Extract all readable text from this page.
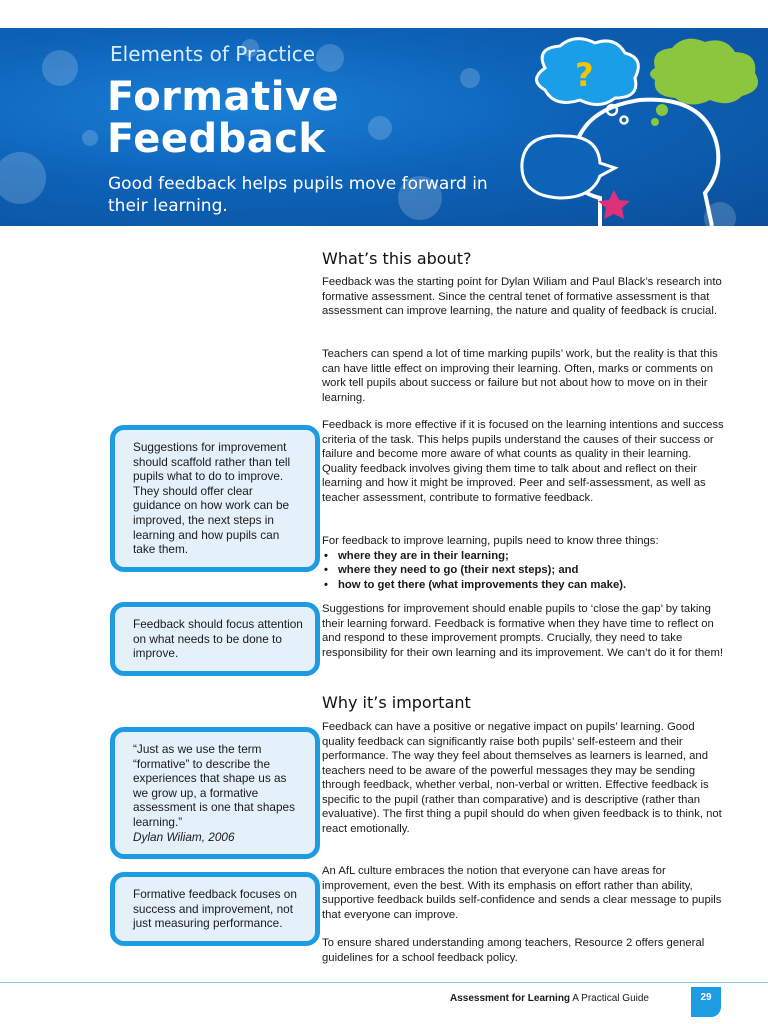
?
Elements of Practice
Formative
Feedback
Good feedback helps pupils move forward in their learning.
What’s this about?

Feedback was the starting point for Dylan Wiliam and Paul Black’s research into formative assessment. Since the central tenet of formative assessment is that assessment can improve learning, the nature and quality of feedback is crucial.

Teachers can spend a lot of time marking pupils’ work, but the reality is that this can have little effect on improving their learning. Often, marks or comments on work tell pupils about success or failure but not about how to move on in their learning.

Feedback is more effective if it is focused on the learning intentions and success criteria of the task. This helps pupils understand the causes of their success or failure and become more aware of what counts as quality in their learning. Quality feedback involves giving them time to talk about and reflect on their learning and how it might be improved. Peer and self-assessment, as well as teacher assessment, contribute to formative feedback.

For feedback to improve learning, pupils need to know three things:

• where they are in their learning;
• where they need to go (their next steps); and
• how to get there (what improvements they can make).

Suggestions for improvement should enable pupils to ‘close the gap’ by taking their learning forward. Feedback is formative when they have time to reflect on and respond to these improvement prompts. Crucially, they need to take responsibility for their own learning and its improvement. We can’t do it for them!

Why it’s important

Feedback can have a positive or negative impact on pupils’ learning. Good quality feedback can significantly raise both pupils’ self-esteem and their performance. The way they feel about themselves as learners is learned, and teachers need to be aware of the powerful messages they may be sending through feedback, whether verbal, non-verbal or written. Effective feedback is specific to the pupil (rather than comparative) and is descriptive (rather than evaluative). The first thing a pupil should do when given feedback is to think, not react emotionally.

An AfL culture embraces the notion that everyone can have areas for improvement, even the best. With its emphasis on effort rather than ability, supportive feedback builds self-confidence and sends a clear message to pupils that everyone can improve.

To ensure shared understanding among teachers, Resource 2 offers general guidelines for a school feedback policy.

Suggestions for improvement should scaffold rather than tell pupils what to do to improve. They should offer clear guidance on how work can be improved, the next steps in learning and how pupils can take them.
Feedback should focus attention on what needs to be done to improve.
“Just as we use the term “formative” to describe the experiences that shape us as we grow up, a formative assessment is one that shapes learning.”
Dylan Wiliam, 2006
Formative feedback focuses on success and improvement, not just measuring performance.
Assessment for Learning A Practical Guide	29
